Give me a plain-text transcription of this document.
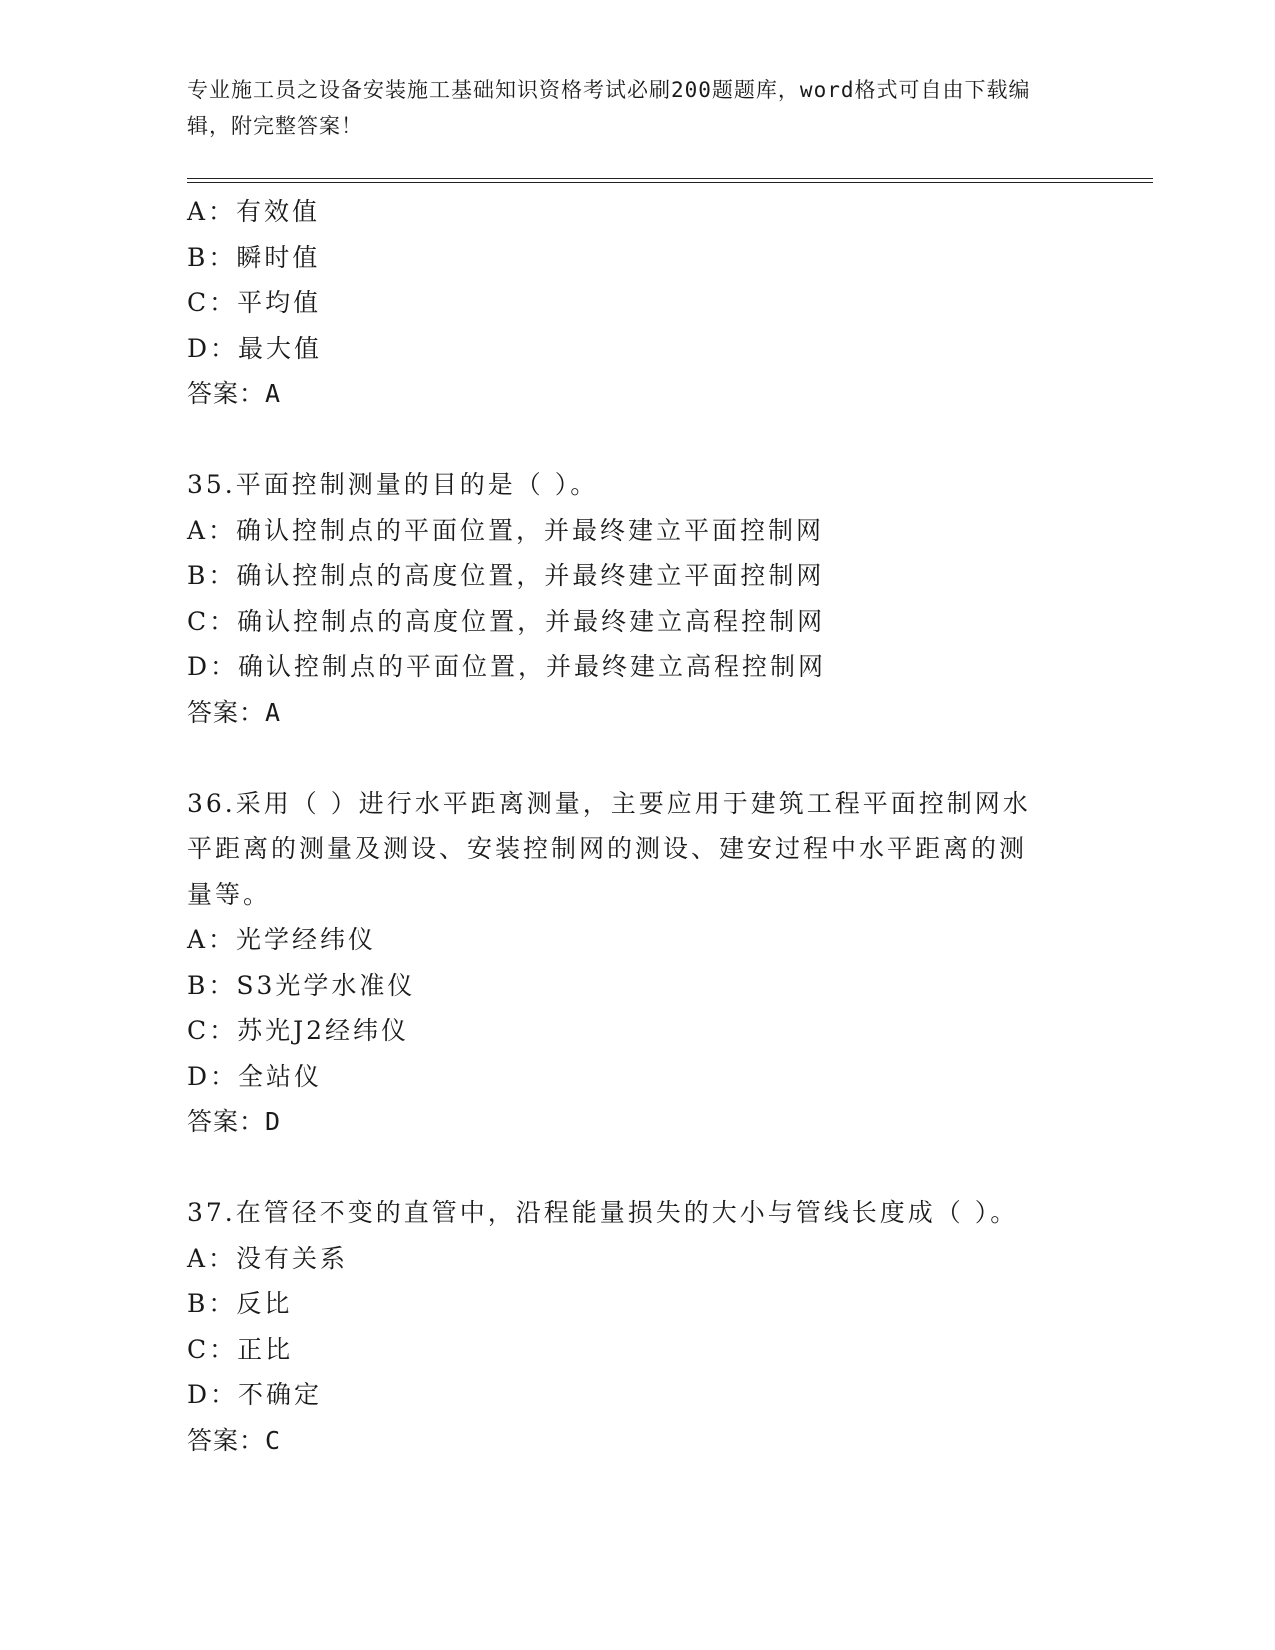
专业施工员之设备安装施工基础知识资格考试必刷200题题库，word格式可自由下载编辑，附完整答案！
A：有效值
B：瞬时值
C：平均值
D：最大值
答案：A
35.平面控制测量的目的是（ ）。
A：确认控制点的平面位置，并最终建立平面控制网
B：确认控制点的高度位置，并最终建立平面控制网
C：确认控制点的高度位置，并最终建立高程控制网
D：确认控制点的平面位置，并最终建立高程控制网
答案：A
36.采用（ ）进行水平距离测量，主要应用于建筑工程平面控制网水
平距离的测量及测设、安装控制网的测设、建安过程中水平距离的测
量等。
A：光学经纬仪
B：S3光学水准仪
C：苏光J2经纬仪
D：全站仪
答案：D
37.在管径不变的直管中，沿程能量损失的大小与管线长度成（ ）。
A：没有关系
B：反比
C：正比
D：不确定
答案：C
